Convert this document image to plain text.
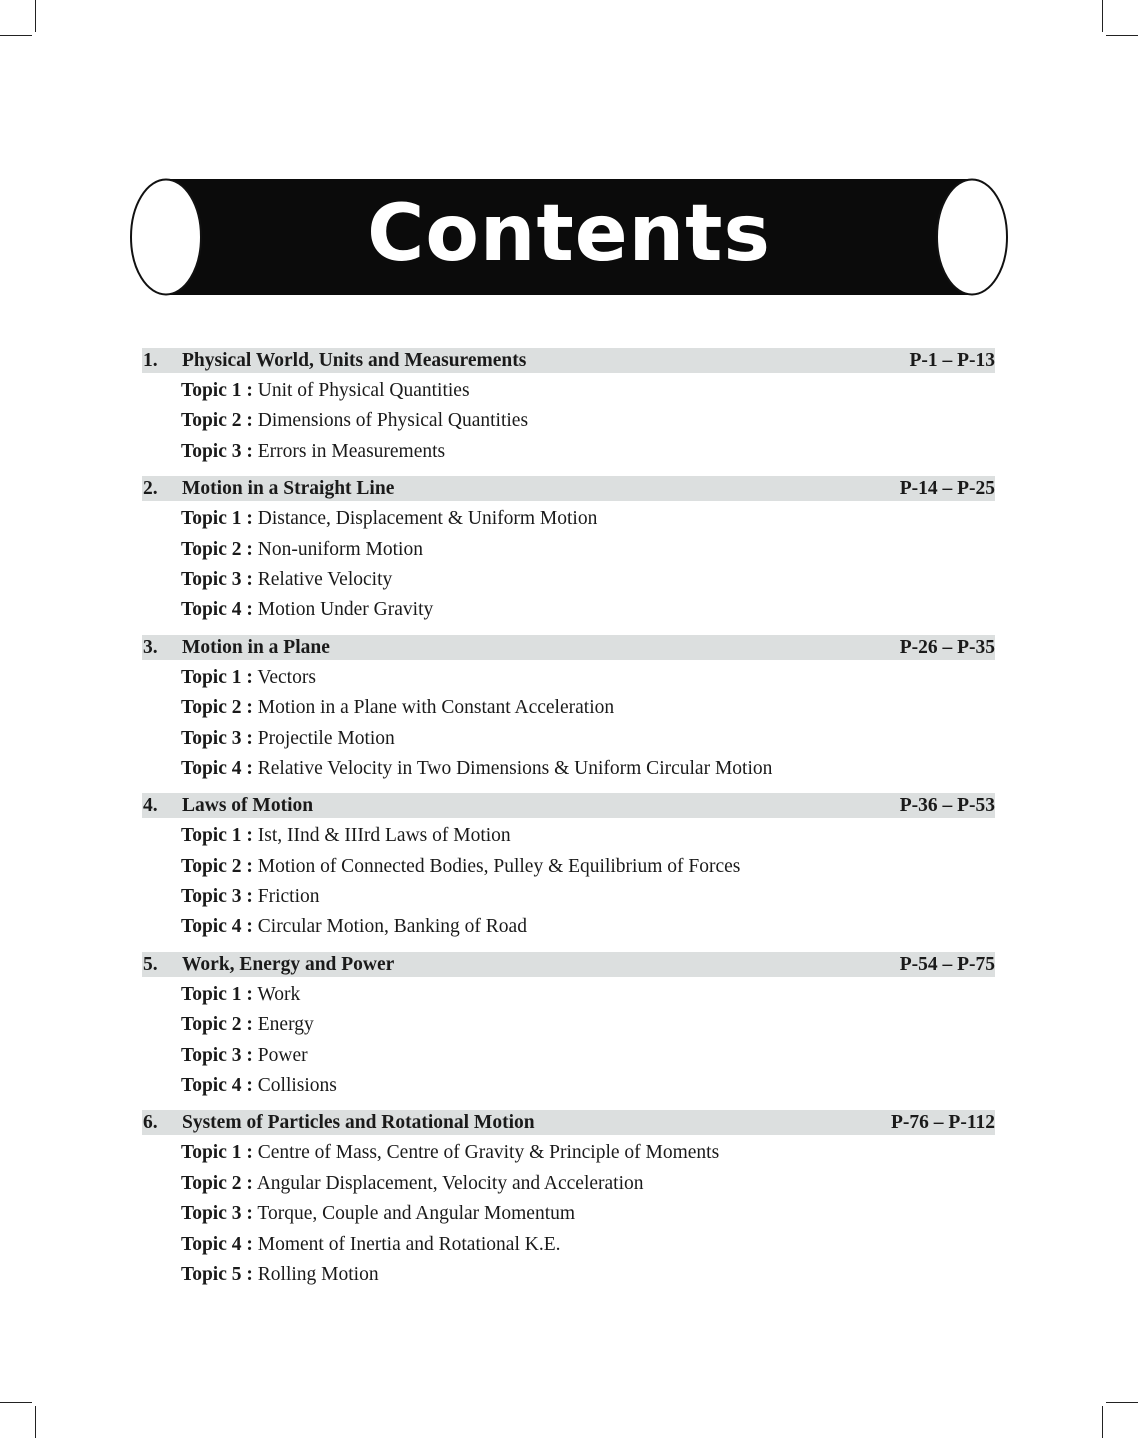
Contents
1.	Physical World, Units and Measurements	P-1 – P-13
Topic 1 : Unit of Physical Quantities
Topic 2 : Dimensions of Physical Quantities
Topic 3 : Errors in Measurements
2.	Motion in a Straight Line	P-14 – P-25
Topic 1 : Distance, Displacement & Uniform Motion
Topic 2 : Non-uniform Motion
Topic 3 : Relative Velocity
Topic 4 : Motion Under Gravity
3.	Motion in a Plane	P-26 – P-35
Topic 1 : Vectors
Topic 2 : Motion in a Plane with Constant Acceleration
Topic 3 : Projectile Motion
Topic 4 : Relative Velocity in Two Dimensions & Uniform Circular Motion
4.	Laws of Motion	P-36 – P-53
Topic 1 : Ist, IInd & IIIrd Laws of Motion
Topic 2 : Motion of Connected Bodies, Pulley & Equilibrium of Forces
Topic 3 : Friction
Topic 4 : Circular Motion, Banking of Road
5.	Work, Energy and Power	P-54 – P-75
Topic 1 : Work
Topic 2 : Energy
Topic 3 : Power
Topic 4 : Collisions
6.	System of Particles and Rotational Motion	P-76 – P-112
Topic 1 : Centre of Mass, Centre of Gravity & Principle of Moments
Topic 2 : Angular Displacement, Velocity and Acceleration
Topic 3 : Torque, Couple and Angular Momentum
Topic 4 : Moment of Inertia and Rotational K.E.
Topic 5 : Rolling Motion
